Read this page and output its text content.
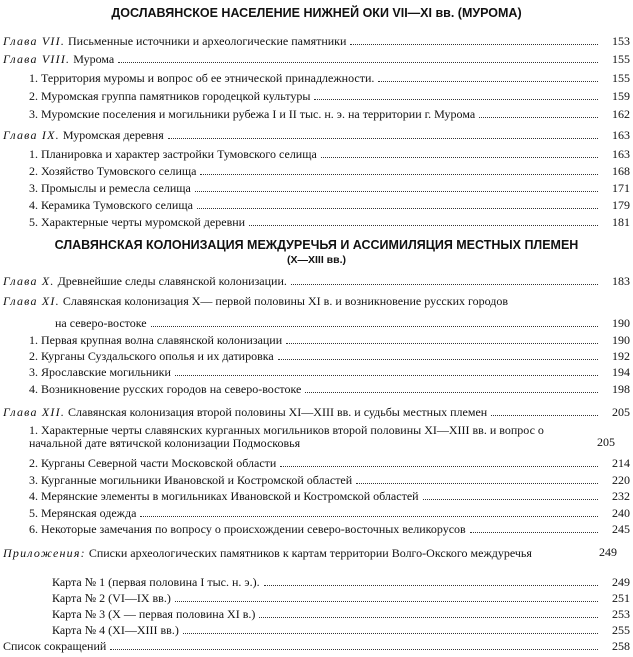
ДОСЛАВЯНСКОЕ НАСЕЛЕНИЕ НИЖНЕЙ ОКИ VII—XI вв. (МУРОМА)
Глава VII. Письменные источники и археологические памятники	153
Глава VIII. Мурома	155
1. Территория муромы и вопрос об ее этнической принадлежности.	155
2. Муромская группа памятников городецкой культуры	159
3. Муромские поселения и могильники рубежа I и II тыс. н. э. на территории г. Мурома	162
Глава IX. Муромская деревня	163
1. Планировка и характер застройки Тумовского селища	163
2. Хозяйство Тумовского селища	168
3. Промыслы и ремесла селища	171
4. Керамика Тумовского селища	179
5. Характерные черты муромской деревни	181
СЛАВЯНСКАЯ КОЛОНИЗАЦИЯ МЕЖДУРЕЧЬЯ И АССИМИЛЯЦИЯ МЕСТНЫХ ПЛЕМЕН
(X—XIII вв.)
Глава X. Древнейшие следы славянской колонизации.	183
Глава XI. Славянская колонизация X— первой половины XI в. и возникновение русских городов
на северо-востоке	190
1. Первая крупная волна славянской колонизации	190
2. Курганы Суздальского ополья и их датировка	192
3. Ярославские могильники	194
4. Возникновение русских городов на северо-востоке	198
Глава XII. Славянская колонизация второй половины XI—XIII вв. и судьбы местных племен	205
1. Характерные черты славянских курганных могильников второй половины XI—XIII вв. и вопрос о начальной дате вятичской колонизации Подмосковья	205
2. Курганы Северной части Московской области	214
3. Курганные могильники Ивановской и Костромской областей	220
4. Мерянские элементы в могильниках Ивановской и Костромской областей	232
5. Мерянская одежда	240
6. Некоторые замечания по вопросу о происхождении северо-восточных великорусов	245
Приложения: Списки археологических памятников к картам территории Волго-Окского междуречья	249
Карта № 1 (первая половина I тыс. н. э.).	249
Карта № 2 (VI—IX вв.)	251
Карта № 3 (X — первая половина XI в.)	253
Карта № 4 (XI—XIII вв.)	255
Список сокращений	258
